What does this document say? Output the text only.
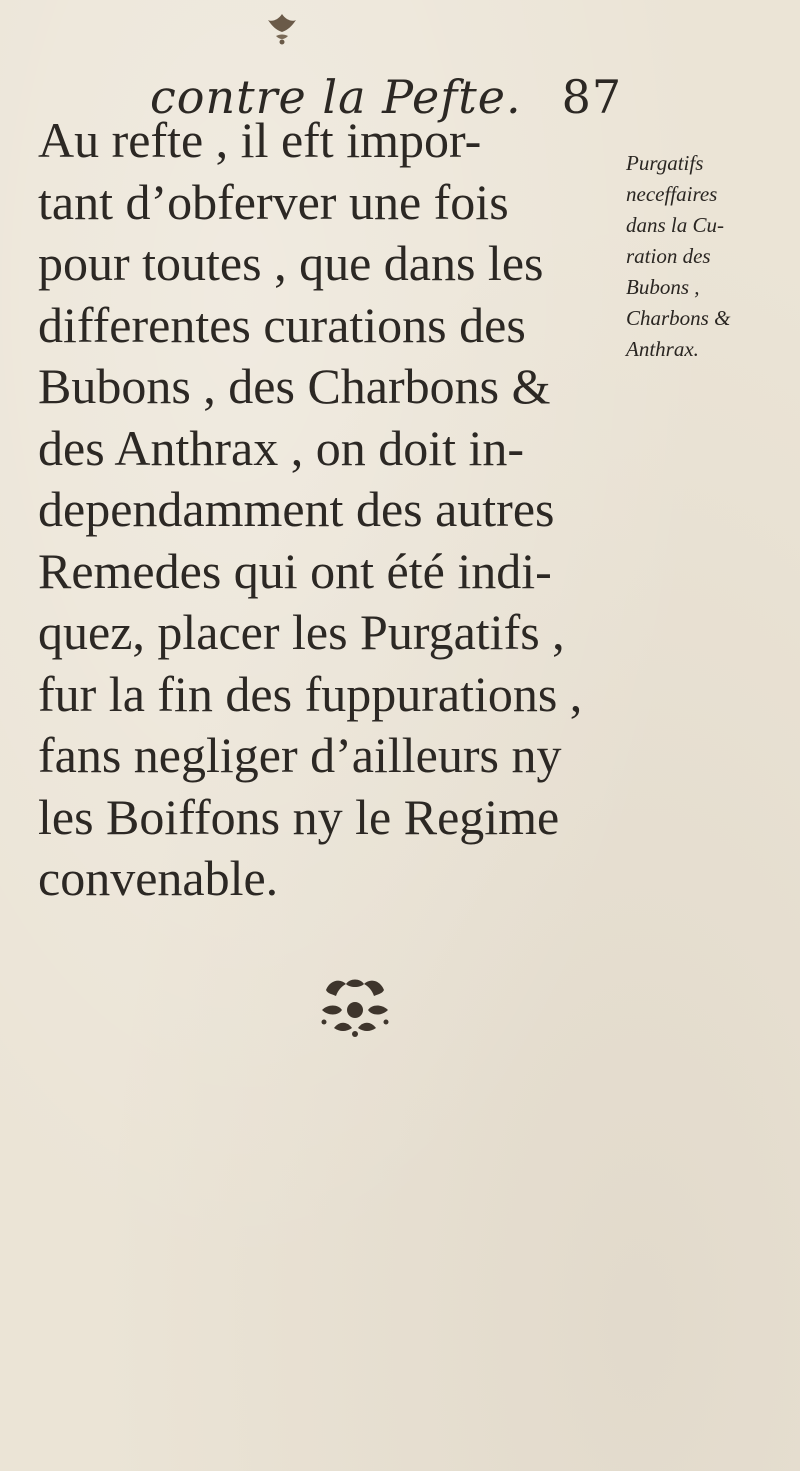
contre la Pefte. 87
Au refte , il eft impor-
tant d’obferver une fois
pour toutes , que dans les
differentes curations des
Bubons , des Charbons &
des Anthrax , on doit in-
dependamment des autres
Remedes qui ont été indi-
quez, placer les Purgatifs ,
fur la fin des fuppurations ,
fans negliger d’ailleurs ny
les Boiffons ny le Regime
convenable.
Purgatifs
neceffaires
dans la Cu-
ration des
Bubons ,
Charbons &
Anthrax.
